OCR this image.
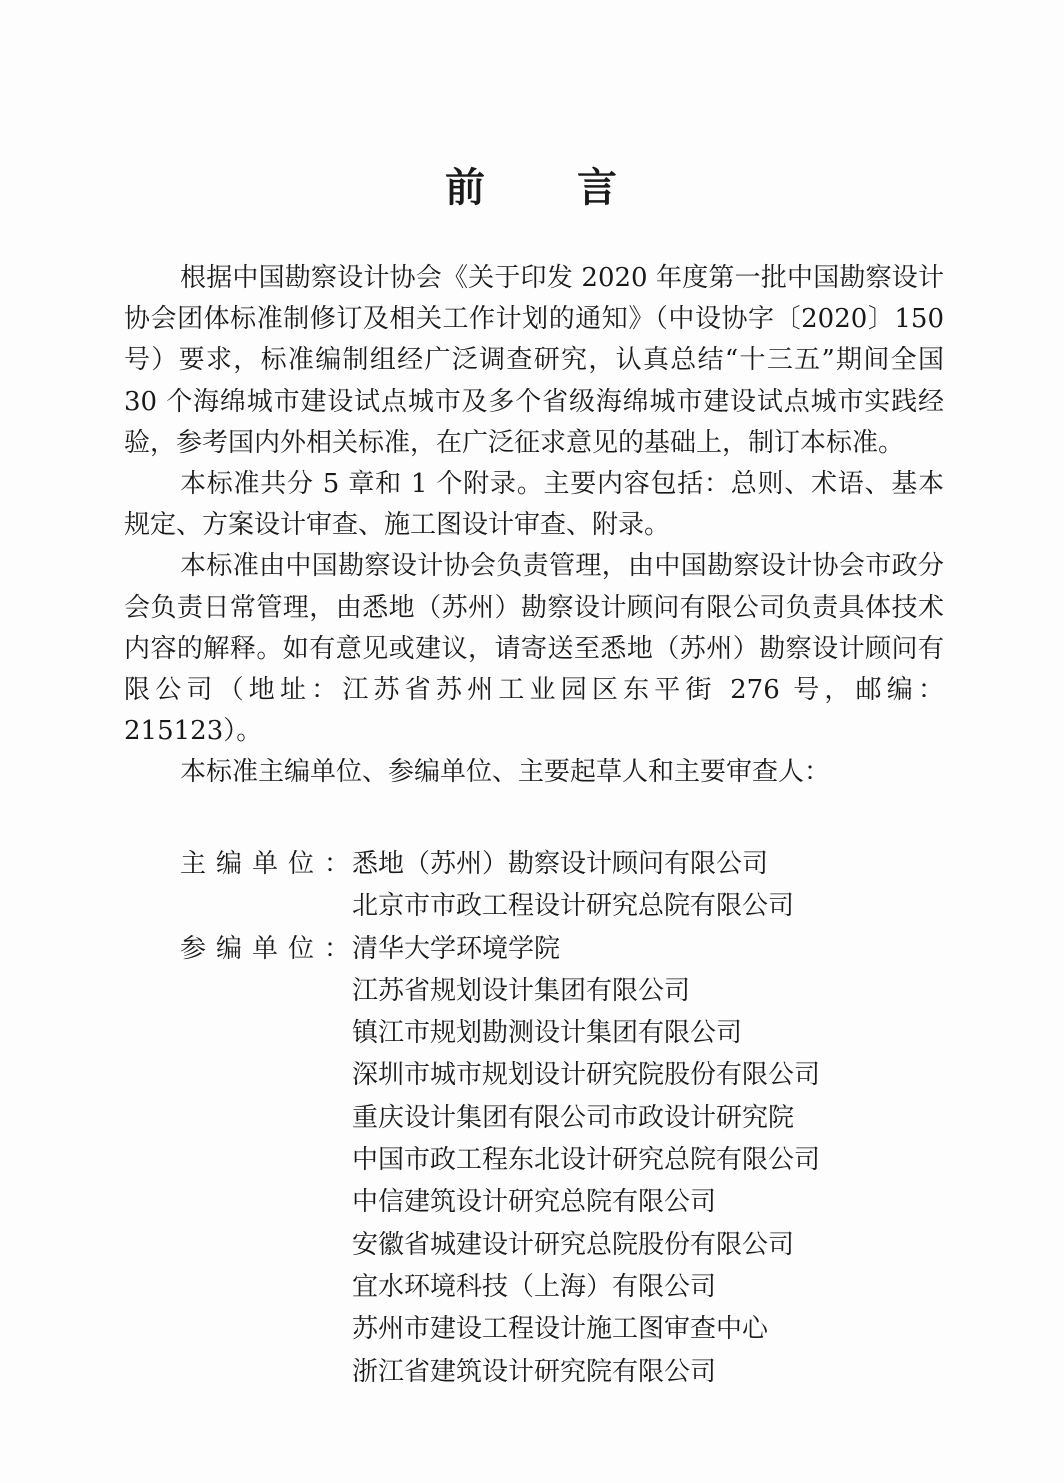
前 言

根据中国勘察设计协会《关于印发 2020 年度第一批中国勘察设计协会团体标准制修订及相关工作计划的通知》（中设协字〔2020〕150 号）要求，标准编制组经广泛调查研究，认真总结“十三五”期间全国 30 个海绵城市建设试点城市及多个省级海绵城市建设试点城市实践经验，参考国内外相关标准，在广泛征求意见的基础上，制订本标准。

本标准共分 5 章和 1 个附录。主要内容包括：总则、术语、基本规定、方案设计审查、施工图设计审查、附录。

本标准由中国勘察设计协会负责管理，由中国勘察设计协会市政分会负责日常管理，由悉地（苏州）勘察设计顾问有限公司负责具体技术内容的解释。如有意见或建议，请寄送至悉地（苏州）勘察设计顾问有限公司（地址：江苏省苏州工业园区东平街 276 号，邮编：215123）。

本标准主编单位、参编单位、主要起草人和主要审查人：

主编单位：
悉地（苏州）勘察设计顾问有限公司
北京市市政工程设计研究总院有限公司
参编单位：
清华大学环境学院
江苏省规划设计集团有限公司
镇江市规划勘测设计集团有限公司
深圳市城市规划设计研究院股份有限公司
重庆设计集团有限公司市政设计研究院
中国市政工程东北设计研究总院有限公司
中信建筑设计研究总院有限公司
安徽省城建设计研究总院股份有限公司
宜水环境科技（上海）有限公司
苏州市建设工程设计施工图审查中心
浙江省建筑设计研究院有限公司
